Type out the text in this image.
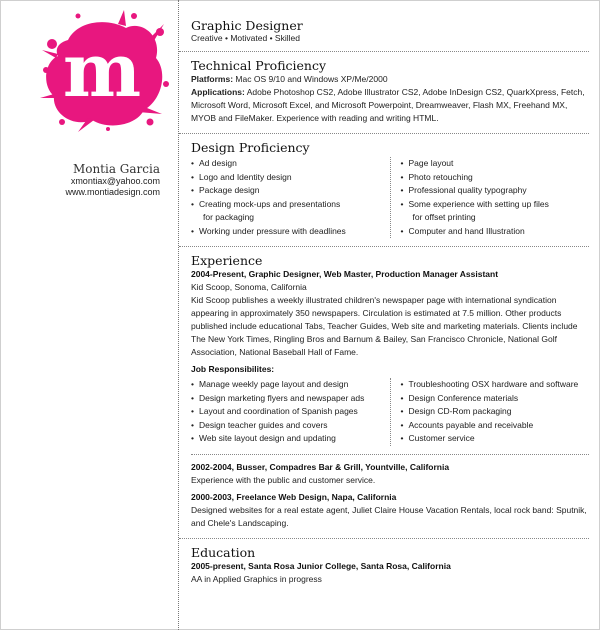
m
Montia Garcia
xmontiax@yahoo.com
www.montiadesign.com
Graphic Designer
Creative • Motivated • Skilled
Technical Proficiency
Platforms: Mac OS 9/10 and Windows XP/Me/2000
Applications: Adobe Photoshop CS2, Adobe Illustrator CS2, Adobe InDesign CS2, QuarkXpress, Fetch, Microsoft Word, Microsoft Excel, and Microsoft Powerpoint, Dreamweaver, Flash MX, Freehand MX, MYOB and FileMaker. Experience with reading and writing HTML.
Design Proficiency
• Ad design
• Logo and Identity design
• Package design
• Creating mock-ups and presentations
for packaging
• Working under pressure with deadlines
• Page layout
• Photo retouching
• Professional quality typography
• Some experience with setting up files
for offset printing
• Computer and hand Illustration
Experience
2004-Present, Graphic Designer, Web Master, Production Manager Assistant
Kid Scoop, Sonoma, California
Kid Scoop publishes a weekly illustrated children's newspaper page with international syndication appearing in approximately 350 newspapers. Circulation is estimated at 7.5 million. Other products published include educational Tabs, Teacher Guides, Web site and marketing materials. Clients include The New York Times, Ringling Bros and Barnum & Bailey, San Francisco Chronicle, National Golf Association, National Baseball Hall of Fame.
Job Responsibilites:
• Manage weekly page layout and design
• Design marketing flyers and newspaper ads
• Layout and coordination of Spanish pages
• Design teacher guides and covers
• Web site layout design and updating
• Troubleshooting OSX hardware and software
• Design Conference materials
• Design CD-Rom packaging
• Accounts payable and receivable
• Customer service
2002-2004, Busser, Compadres Bar & Grill, Yountville, California
Experience with the public and customer service.
2000-2003, Freelance Web Design, Napa, California
Designed websites for a real estate agent, Juliet Claire House Vacation Rentals, local rock band: Sputnik, and Chele's Landscaping.
Education
2005-present, Santa Rosa Junior College, Santa Rosa, California
AA in Applied Graphics in progress
